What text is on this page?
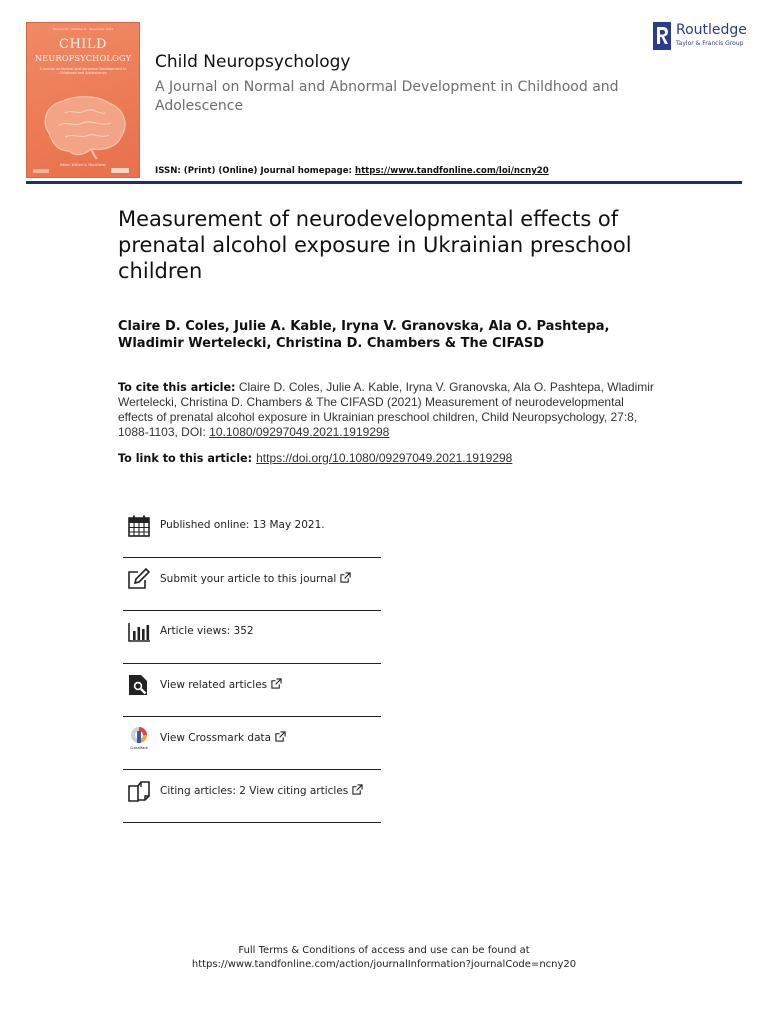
Volume 27 · Number 8 · November 2021
CHILD
NEUROPSYCHOLOGY
A Journal on Normal and Abnormal Development in Childhood and Adolescence
Editor: William S. MacAllister
Child Neuropsychology
A Journal on Normal and Abnormal Development in Childhood and Adolescence
ISSN: (Print) (Online) Journal homepage: https://www.tandfonline.com/loi/ncny20
Routledge
Taylor & Francis Group
Measurement of neurodevelopmental effects of prenatal alcohol exposure in Ukrainian preschool children
Claire D. Coles, Julie A. Kable, Iryna V. Granovska, Ala O. Pashtepa, Wladimir Wertelecki, Christina D. Chambers & The CIFASD
To cite this article: Claire D. Coles, Julie A. Kable, Iryna V. Granovska, Ala O. Pashtepa, Wladimir Wertelecki, Christina D. Chambers & The CIFASD (2021) Measurement of neurodevelopmental effects of prenatal alcohol exposure in Ukrainian preschool children, Child Neuropsychology, 27:8, 1088-1103, DOI: 10.1080/09297049.2021.1919298
To link to this article: https://doi.org/10.1080/09297049.2021.1919298
Published online: 13 May 2021.
Submit your article to this journal
Article views: 352
View related articles
CrossMark
View Crossmark data
Citing articles: 2 View citing articles
Full Terms & Conditions of access and use can be found at
https://www.tandfonline.com/action/journalInformation?journalCode=ncny20
